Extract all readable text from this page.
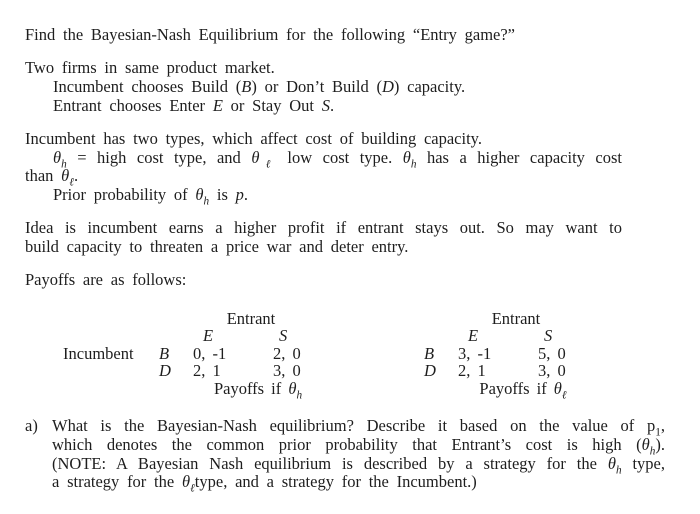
Find the Bayesian-Nash Equilibrium for the following “Entry game?”
Two firms in same product market.
Incumbent chooses Build (B) or Don’t Build (D) capacity.
Entrant chooses Enter E or Stay Out S.
Incumbent has two types, which affect cost of building capacity.
$\theta_h$ = high cost type, and $\theta_\ell$ low cost type. $\theta_h$ has a higher capacity cost
than $\theta_\ell$.
Prior probability of $\theta_h$ is p.
Idea is incumbent earns a higher profit if entrant stays out. So may want to
build capacity to threaten a price war and deter entry.
Payoffs are as follows:
Entrant
E	S
Incumbent B 0, -1	2, 0
D 2, 1	3, 0
Payoffs if $\theta_h$
Entrant
E	S
B 3, -1	5, 0
D 2, 1	3, 0
Payoffs if $\theta_\ell$
a) What is the Bayesian-Nash equilibrium? Describe it based on the value of $p_1$,
which denotes the common prior probability that Entrant’s cost is high $(\theta_h)$.
(NOTE: A Bayesian Nash equilibrium is described by a strategy for the $\theta_h$ type,
a strategy for the $\theta_\ell type$, and a strategy for the Incumbent.)
